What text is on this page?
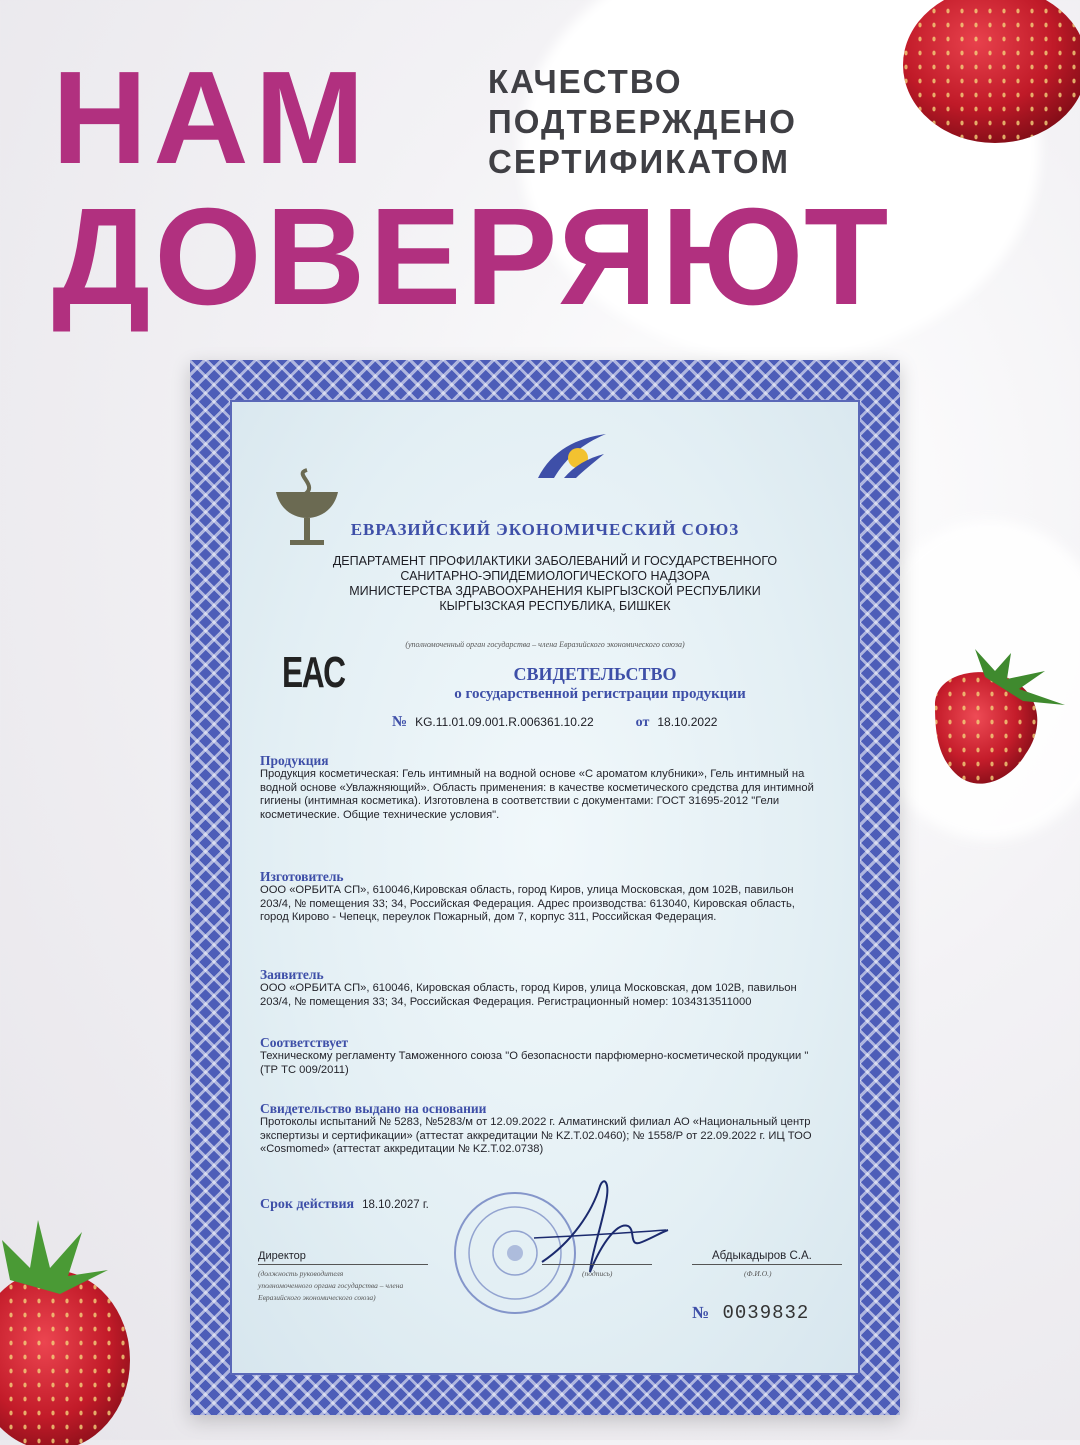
НАМ
ДОВЕРЯЮТ
КАЧЕСТВО
ПОДТВЕРЖДЕНО
СЕРТИФИКАТОМ
ЕВРАЗИЙСКИЙ ЭКОНОМИЧЕСКИЙ СОЮЗ
ДЕПАРТАМЕНТ ПРОФИЛАКТИКИ ЗАБОЛЕВАНИЙ И ГОСУДАРСТВЕННОГО
САНИТАРНО-ЭПИДЕМИОЛОГИЧЕСКОГО НАДЗОРА
МИНИСТЕРСТВА ЗДРАВООХРАНЕНИЯ КЫРГЫЗСКОЙ РЕСПУБЛИКИ
КЫРГЫЗСКАЯ РЕСПУБЛИКА, БИШКЕК
(уполномоченный орган государства – члена Евразийского экономического союза)
EAC	СВИДЕТЕЛЬСТВО
о государственной регистрации продукции
№ KG.11.01.09.001.R.006361.10.22	от 18.10.2022
Продукция
Продукция косметическая: Гель интимный на водной основе «С ароматом клубники», Гель интимный на водной основе «Увлажняющий». Область применения: в качестве косметического средства для интимной гигиены (интимная косметика). Изготовлена в соответствии с документами: ГОСТ 31695-2012 "Гели косметические. Общие технические условия".
Изготовитель
ООО «ОРБИТА СП», 610046,Кировская область, город Киров, улица Московская, дом 102В, павильон 203/4, № помещения 33; 34, Российская Федерация. Адрес производства: 613040, Кировская область, город Кирово - Чепецк, переулок Пожарный, дом 7, корпус 311, Российская Федерация.
Заявитель
ООО «ОРБИТА СП», 610046, Кировская область, город Киров, улица Московская, дом 102В, павильон 203/4, № помещения 33; 34, Российская Федерация. Регистрационный номер: 1034313511000
Соответствует
Техническому регламенту Таможенного союза "О безопасности парфюмерно-косметической продукции " (ТР ТС 009/2011)
Свидетельство выдано на основании
Протоколы испытаний № 5283, №5283/м от 12.09.2022 г. Алматинский филиал АО «Национальный центр экспертизы и сертификации» (аттестат аккредитации № KZ.T.02.0460); № 1558/Р от 22.09.2022 г. ИЦ ТОО «Cosmomed» (аттестат аккредитации № KZ.T.02.0738)
Срок действия 18.10.2027 г.
Директор
(должность руководителя
уполномоченного органа государства – члена
Евразийского экономического союза)
(подпись)
Абдыкадыров С.А.
(Ф.И.О.)
№ 0039832
